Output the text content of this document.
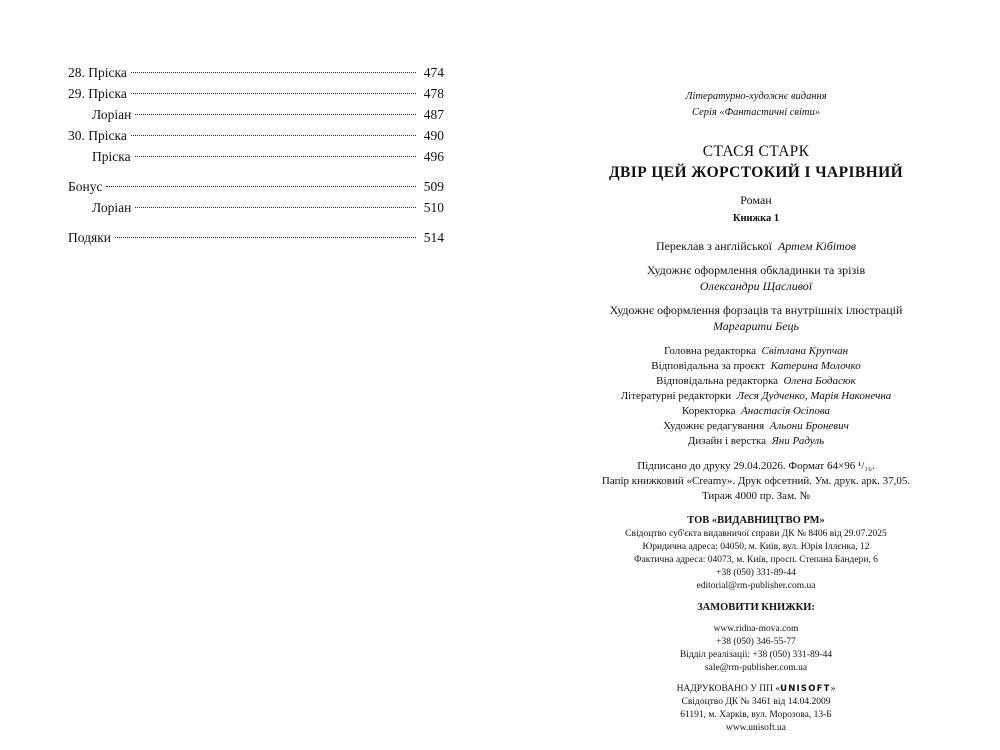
28. Пріска	474
29. Пріска	478
Лоріан	487
30. Пріска	490
Пріска	496
Бонус	509
Лоріан	510
Подяки	514
Літературно-художнє видання
Серія «Фантастичні світи»
СТАСЯ СТАРК
ДВІР ЦЕЙ ЖОРСТОКИЙ І ЧАРІВНИЙ
Роман
Книжка 1
Переклав з англійської Артем Кібітов
Художнє оформлення обкладинки та зрізів
Олександри Щасливої
Художнє оформлення форзаців та внутрішніх ілюстрацій
Маргарити Бець
Головна редакторка Світлана Крупчан
Відповідальна за проєкт Катерина Молочко
Відповідальна редакторка Олена Бодасюк
Літературні редакторки Леся Дудченко, Марія Наконечна
Коректорка Анастасія Осіпова
Художнє редагування Альони Броневич
Дизайн і верстка Яни Радуль
Підписано до друку 29.04.2026. Формат 64×96 ¹/₁₆.
Папір книжковий «Creamy». Друк офсетний. Ум. друк. арк. 37,05.
Тираж 4000 пр. Зам. №
ТОВ «ВИДАВНИЦТВО РМ»
Свідоцтво суб'єкта видавничої справи ДК № 8406 від 29.07.2025
Юридична адреса: 04050, м. Київ, вул. Юрія Іллєнка, 12
Фактична адреса: 04073, м. Київ, просп. Степана Бандери, 6
+38 (050) 331-89-44
editorial@rm-publisher.com.ua
ЗАМОВИТИ КНИЖКИ:
www.ridna-mova.com
+38 (050) 346-55-77
Відділ реалізації: +38 (050) 331-89-44
sale@rm-publisher.com.ua
НАДРУКОВАНО У ПП «UNISOFT»
Свідоцтво ДК № 3461 від 14.04.2009
61191, м. Харків, вул. Морозова, 13-Б
www.unisoft.ua
